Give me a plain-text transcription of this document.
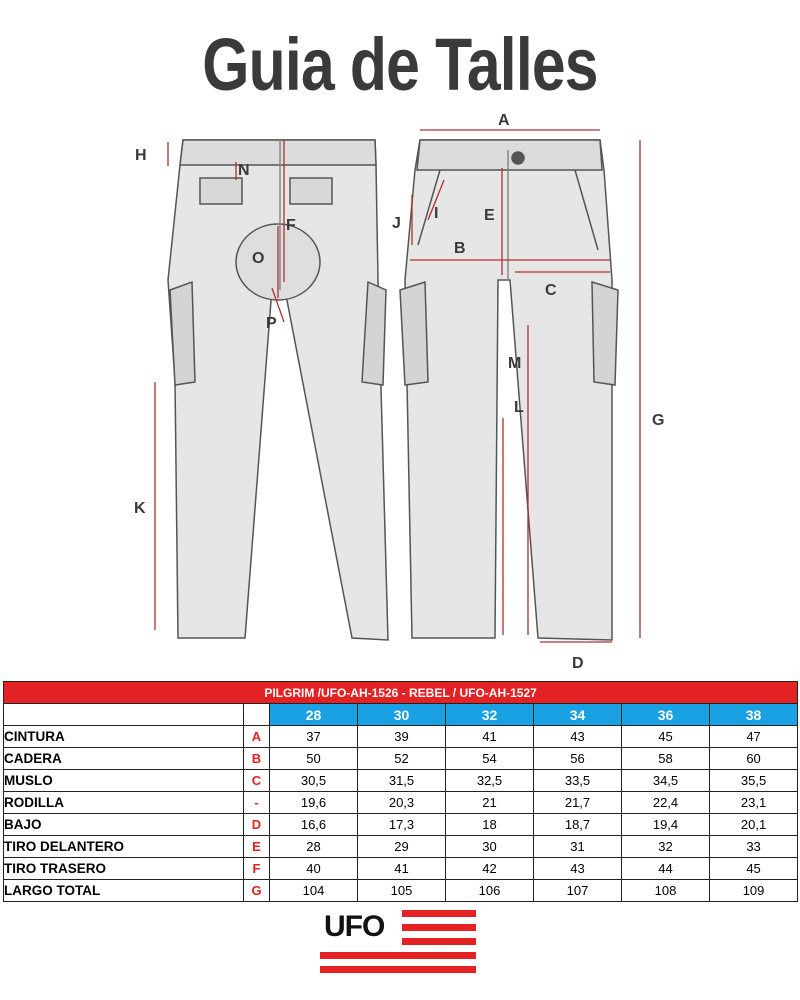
Guia de Talles
H
N
F
O
P
K
A
I
J	E
B
C
M
L
G
D
PILGRIM /UFO-AH-1526 - REBEL / UFO-AH-1527							
		28	30	32	34	36	38
CINTURA	A	37	39	41	43	45	47
CADERA	B	50	52	54	56	58	60
MUSLO	C	30,5	31,5	32,5	33,5	34,5	35,5
RODILLA	-	19,6	20,3	21	21,7	22,4	23,1
BAJO	D	16,6	17,3	18	18,7	19,4	20,1
TIRO DELANTERO	E	28	29	30	31	32	33
TIRO TRASERO	F	40	41	42	43	44	45
LARGO TOTAL	G	104	105	106	107	108	109
UFO
